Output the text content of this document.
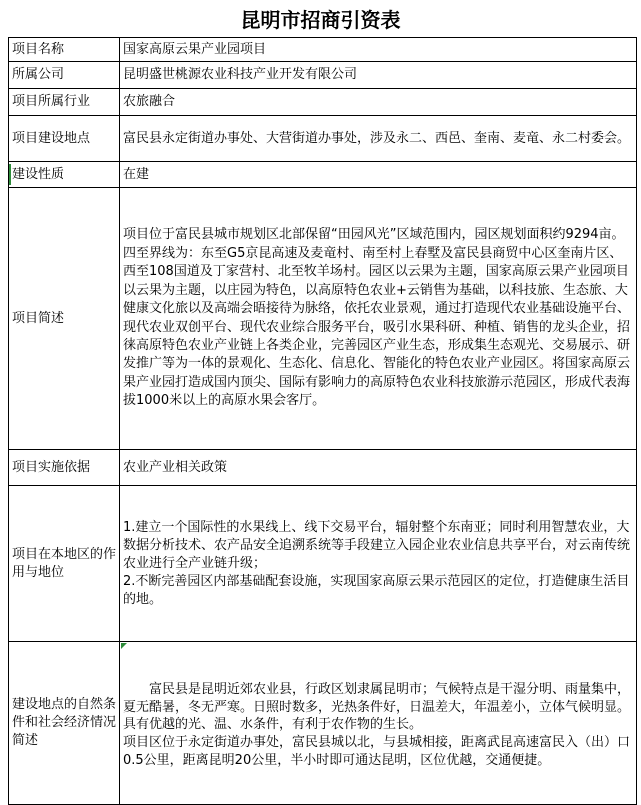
昆明市招商引资表
项目名称	国家高原云果产业园项目
所属公司	昆明盛世桃源农业科技产业开发有限公司
项目所属行业	农旅融合
项目建设地点	富民县永定街道办事处、大营街道办事处，涉及永二、西邑、奎南、麦竜、永二村委会。
建设性质	在建
项目简述	项目位于富民县城市规划区北部保留“田园风光”区域范围内，园区规划面积约9294亩。四至界线为：东至G5京昆高速及麦竜村、南至村上春墅及富民县商贸中心区奎南片区、西至108国道及丁家营村、北至牧羊场村。园区以云果为主题，国家高原云果产业园项目以云果为主题，以庄园为特色，以高原特色农业+云销售为基础，以科技旅、生态旅、大健康文化旅以及高端会晤接待为脉络，依托农业景观，通过打造现代农业基础设施平台、现代农业双创平台、现代农业综合服务平台，吸引水果科研、种植、销售的龙头企业，招徕高原特色农业产业链上各类企业，完善园区产业生态，形成集生态观光、交易展示、研发推广等为一体的景观化、生态化、信息化、智能化的特色农业产业园区。将国家高原云果产业园打造成国内顶尖、国际有影响力的高原特色农业科技旅游示范园区，形成代表海拔1000米以上的高原水果会客厅。
项目实施依据	农业产业相关政策
项目在本地区的作用与地位	1.建立一个国际性的水果线上、线下交易平台，辐射整个东南亚；同时利用智慧农业，大数据分析技术、农产品安全追溯系统等手段建立入园企业农业信息共享平台，对云南传统农业进行全产业链升级；
2.不断完善园区内部基础配套设施，实现国家高原云果示范园区的定位，打造健康生活目的地。
建设地点的自然条件和社会经济情况简述	富民县是昆明近郊农业县，行政区划隶属昆明市；气候特点是干湿分明、雨量集中，夏无酷暑，冬无严寒。日照时数多，光热条件好，日温差大，年温差小，立体气候明显。具有优越的光、温、水条件，有利于农作物的生长。
项目区位于永定街道办事处，富民县城以北，与县城相接，距离武昆高速富民入（出）口0.5公里，距离昆明20公里，半小时即可通达昆明，区位优越，交通便捷。
